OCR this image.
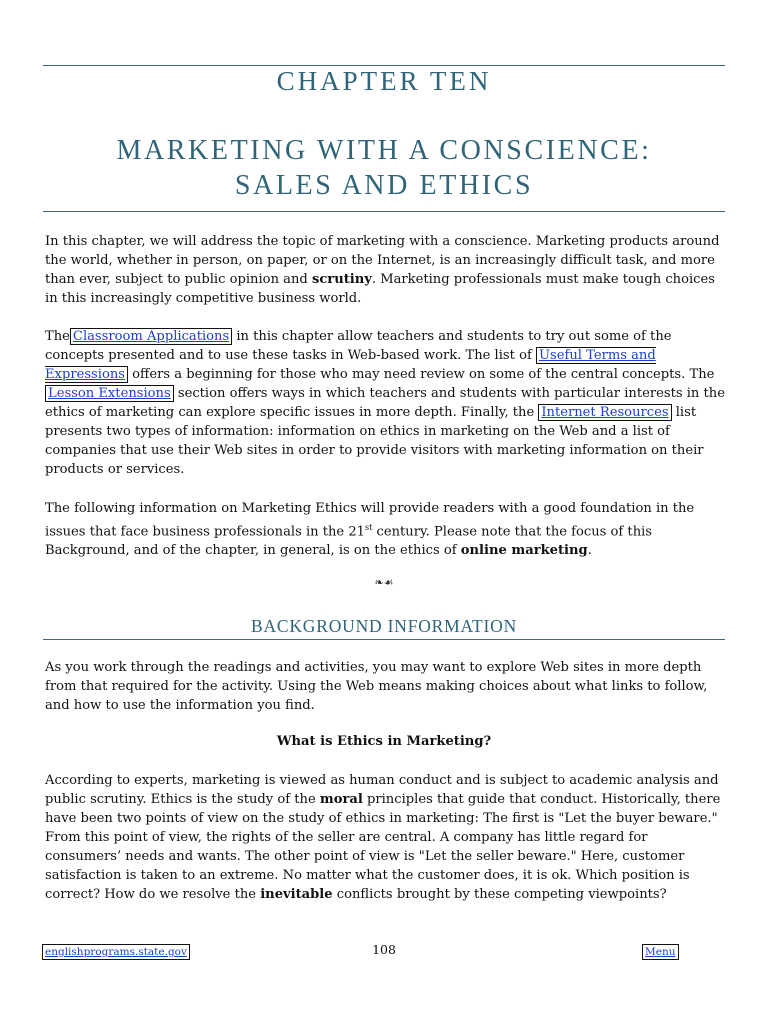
CHAPTER TEN
MARKETING WITH A CONSCIENCE:
SALES AND ETHICS

In this chapter, we will address the topic of marketing with a conscience. Marketing products around the world, whether in person, on paper, or on the Internet, is an increasingly difficult task, and more than ever, subject to public opinion and scrutiny. Marketing professionals must make tough choices in this increasingly competitive business world.

The Classroom Applications in this chapter allow teachers and students to try out some of the concepts presented and to use these tasks in Web-based work. The list of Useful Terms and Expressions offers a beginning for those who may need review on some of the central concepts. The Lesson Extensions section offers ways in which teachers and students with particular interests in the ethics of marketing can explore specific issues in more depth. Finally, the Internet Resources list presents two types of information: information on ethics in marketing on the Web and a list of companies that use their Web sites in order to provide visitors with marketing information on their products or services.

The following information on Marketing Ethics will provide readers with a good foundation in the issues that face business professionals in the 21st century. Please note that the focus of this Background, and of the chapter, in general, is on the ethics of online marketing.

❧☙
BACKGROUND INFORMATION
As you work through the readings and activities, you may want to explore Web sites in more depth from that required for the activity. Using the Web means making choices about what links to follow, and how to use the information you find.
What is Ethics in Marketing?

According to experts, marketing is viewed as human conduct and is subject to academic analysis and public scrutiny. Ethics is the study of the moral principles that guide that conduct. Historically, there have been two points of view on the study of ethics in marketing: The first is "Let the buyer beware." From this point of view, the rights of the seller are central. A company has little regard for consumers’ needs and wants. The other point of view is "Let the seller beware." Here, customer satisfaction is taken to an extreme. No matter what the customer does, it is ok. Which position is correct? How do we resolve the inevitable conflicts brought by these competing viewpoints?

englishprograms.state.gov	108	Menu
